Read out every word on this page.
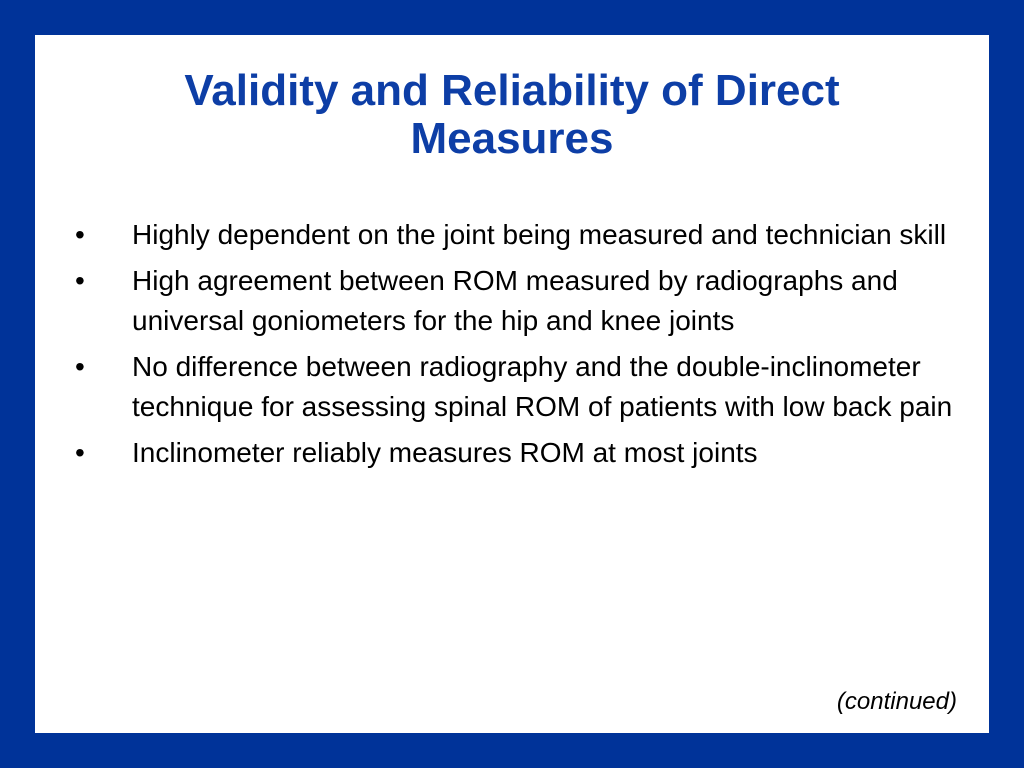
Validity and Reliability of Direct
Measures
•	Highly dependent on the joint being measured and technician skill
•	High agreement between ROM measured by radiographs and universal goniometers for the hip and knee joints
•	No difference between radiography and the double-inclinometer technique for assessing spinal ROM of patients with low back pain
•	Inclinometer reliably measures ROM at most joints
(continued)
